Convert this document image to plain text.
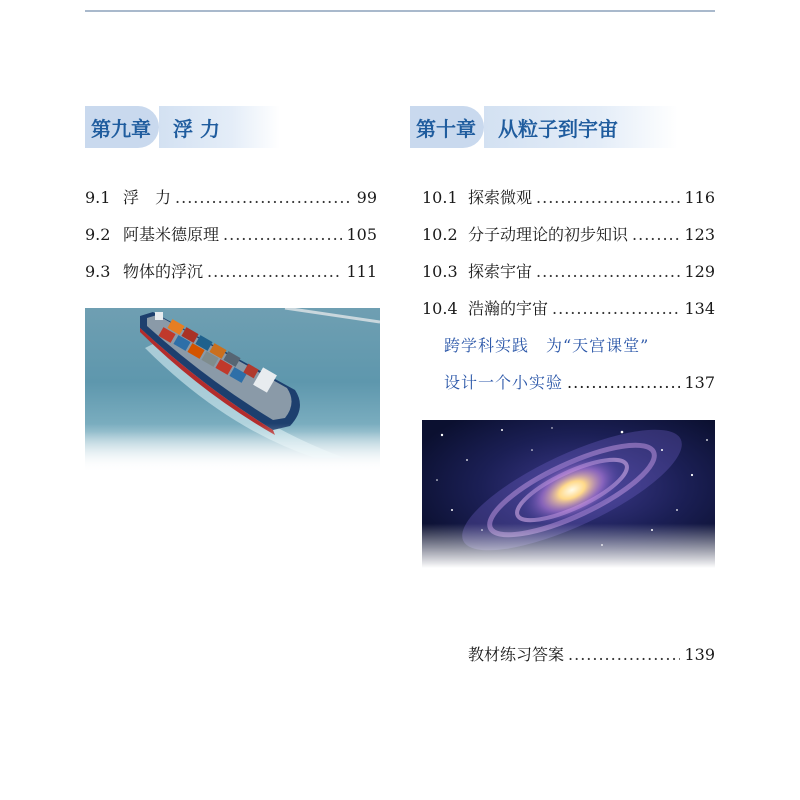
第九章	浮 力	第十章	从粒子到宇宙
9.1 浮　力 .....	99
9.2 阿基米德原理 .....	105
9.3 物体的浮沉 .....	111
10.1 探索微观 .....	116
10.2 分子动理论的初步知识 .....	123
10.3 探索宇宙 .....	129
10.4 浩瀚的宇宙 .....	134
跨学科实践　为“天宫课堂”
设计一个小实验 .....	137
教材练习答案 .....	139
